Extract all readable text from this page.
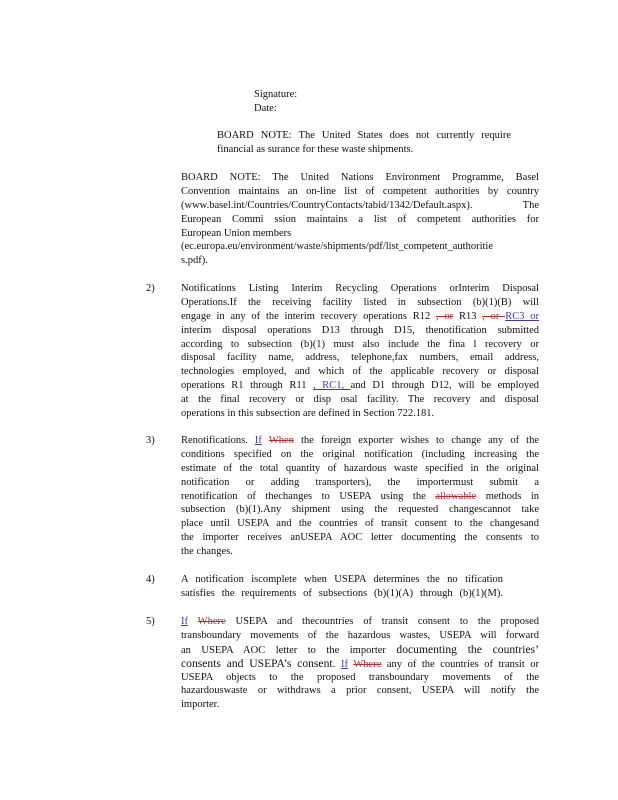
Signature:
Date:
BOARD NOTE: The United States does not currently require
financial as surance for these waste shipments.
BOARD NOTE: The United Nations Environment Programme, Basel
Convention maintains an on-line list of competent authorities by country
(www.basel.int/Countries/CountryContacts/tabid/1342/Default.aspx).	The
European Commi ssion maintains a list of competent authorities for
European Union members
(ec.europa.eu/environment/waste/shipments/pdf/list_competent_authoritie
s.pdf).
2)	Notifications Listing Interim Recycling Operations orInterim Disposal
Operations.If the receiving facility listed in subsection (b)(1)(B) will
engage in any of the interim recovery operations R12 , or R13 , or RC3 or
interim disposal operations D13 through D15, thenotification submitted
according to subsection (b)(1) must also include the fina l recovery or
disposal facility name, address, telephone,fax numbers, email address,
technologies employed, and which of the applicable recovery or disposal
operations R1 through R11 , RC1, and D1 through D12, will be employed
at the final recovery or disp osal facility. The recovery and disposal
operations in this subsection are defined in Section 722.181.
3)	Renotifications. If When the foreign exporter wishes to change any of the
conditions specified on the original notification (including increasing the
estimate of the total quantity of hazardous waste specified in the original
notification or adding transporters), the importermust submit a
renotification of thechanges to USEPA using the allowable methods in
subsection (b)(1).Any shipment using the requested changescannot take
place until USEPA and the countries of transit consent to the changesand
the importer receives anUSEPA AOC letter documenting the consents to
the changes.
4)	A notification iscomplete when USEPA determines the no tification
satisfies the requirements of subsections (b)(1)(A) through (b)(1)(M).
5)	If Where USEPA and thecountries of transit consent to the proposed
transboundary movements of the hazardous wastes, USEPA will forward
an USEPA AOC letter to the importer documenting the countries’
consents and USEPA’s consent. If Where any of the countries of transit or
USEPA objects to the proposed transboundary movements of the
hazardouswaste or withdraws a prior consent, USEPA will notify the
importer.
